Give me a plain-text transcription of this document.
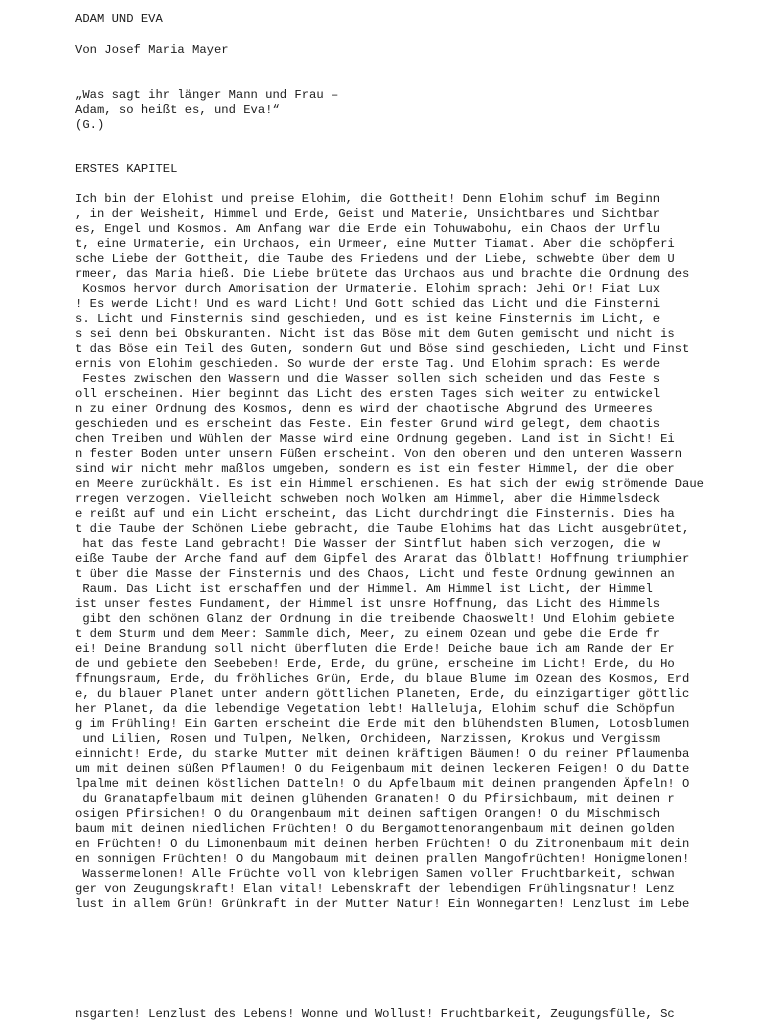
ADAM UND EVA
Von Josef Maria Mayer
„Was sagt ihr länger Mann und Frau –
Adam, so heißt es, und Eva!“
(G.)
ERSTES KAPITEL
Ich bin der Elohist und preise Elohim, die Gottheit! Denn Elohim schuf im Beginn
, in der Weisheit, Himmel und Erde, Geist und Materie, Unsichtbares und Sichtbar
es, Engel und Kosmos. Am Anfang war die Erde ein Tohuwabohu, ein Chaos der Urflu
t, eine Urmaterie, ein Urchaos, ein Urmeer, eine Mutter Tiamat. Aber die schöpferi
sche Liebe der Gottheit, die Taube des Friedens und der Liebe, schwebte über dem U
rmeer, das Maria hieß. Die Liebe brütete das Urchaos aus und brachte die Ordnung des
Kosmos hervor durch Amorisation der Urmaterie. Elohim sprach: Jehi Or! Fiat Lux
! Es werde Licht! Und es ward Licht! Und Gott schied das Licht und die Finsterni
s. Licht und Finsternis sind geschieden, und es ist keine Finsternis im Licht, e
s sei denn bei Obskuranten. Nicht ist das Böse mit dem Guten gemischt und nicht is
t das Böse ein Teil des Guten, sondern Gut und Böse sind geschieden, Licht und Finst
ernis von Elohim geschieden. So wurde der erste Tag. Und Elohim sprach: Es werde
Festes zwischen den Wassern und die Wasser sollen sich scheiden und das Feste s
oll erscheinen. Hier beginnt das Licht des ersten Tages sich weiter zu entwickel
n zu einer Ordnung des Kosmos, denn es wird der chaotische Abgrund des Urmeeres
geschieden und es erscheint das Feste. Ein fester Grund wird gelegt, dem chaotis
chen Treiben und Wühlen der Masse wird eine Ordnung gegeben. Land ist in Sicht! Ei
n fester Boden unter unsern Füßen erscheint. Von den oberen und den unteren Wassern
sind wir nicht mehr maßlos umgeben, sondern es ist ein fester Himmel, der die ober
en Meere zurückhält. Es ist ein Himmel erschienen. Es hat sich der ewig strömende Daue
rregen verzogen. Vielleicht schweben noch Wolken am Himmel, aber die Himmelsdeck
e reißt auf und ein Licht erscheint, das Licht durchdringt die Finsternis. Dies ha
t die Taube der Schönen Liebe gebracht, die Taube Elohims hat das Licht ausgebrütet,
hat das feste Land gebracht! Die Wasser der Sintflut haben sich verzogen, die w
eiße Taube der Arche fand auf dem Gipfel des Ararat das Ölblatt! Hoffnung triumphier
t über die Masse der Finsternis und des Chaos, Licht und feste Ordnung gewinnen an
Raum. Das Licht ist erschaffen und der Himmel. Am Himmel ist Licht, der Himmel
ist unser festes Fundament, der Himmel ist unsre Hoffnung, das Licht des Himmels
gibt den schönen Glanz der Ordnung in die treibende Chaoswelt! Und Elohim gebiete
t dem Sturm und dem Meer: Sammle dich, Meer, zu einem Ozean und gebe die Erde fr
ei! Deine Brandung soll nicht überfluten die Erde! Deiche baue ich am Rande der Er
de und gebiete den Seebeben! Erde, Erde, du grüne, erscheine im Licht! Erde, du Ho
ffnungsraum, Erde, du fröhliches Grün, Erde, du blaue Blume im Ozean des Kosmos, Erd
e, du blauer Planet unter andern göttlichen Planeten, Erde, du einzigartiger göttlic
her Planet, da die lebendige Vegetation lebt! Halleluja, Elohim schuf die Schöpfun
g im Frühling! Ein Garten erscheint die Erde mit den blühendsten Blumen, Lotosblumen
und Lilien, Rosen und Tulpen, Nelken, Orchideen, Narzissen, Krokus und Vergissm
einnicht! Erde, du starke Mutter mit deinen kräftigen Bäumen! O du reiner Pflaumenba
um mit deinen süßen Pflaumen! O du Feigenbaum mit deinen leckeren Feigen! O du Datte
lpalme mit deinen köstlichen Datteln! O du Apfelbaum mit deinen prangenden Äpfeln! O
du Granatapfelbaum mit deinen glühenden Granaten! O du Pfirsichbaum, mit deinen r
osigen Pfirsichen! O du Orangenbaum mit deinen saftigen Orangen! O du Mischmisch
baum mit deinen niedlichen Früchten! O du Bergamottenorangenbaum mit deinen golden
en Früchten! O du Limonenbaum mit deinen herben Früchten! O du Zitronenbaum mit dein
en sonnigen Früchten! O du Mangobaum mit deinen prallen Mangofrüchten! Honigmelonen!
Wassermelonen! Alle Früchte voll von klebrigen Samen voller Fruchtbarkeit, schwan
ger von Zeugungskraft! Elan vital! Lebenskraft der lebendigen Frühlingsnatur! Lenz
lust in allem Grün! Grünkraft in der Mutter Natur! Ein Wonnegarten! Lenzlust im Lebe
nsgarten! Lenzlust des Lebens! Wonne und Wollust! Fruchtbarkeit, Zeugungsfülle, Sc
